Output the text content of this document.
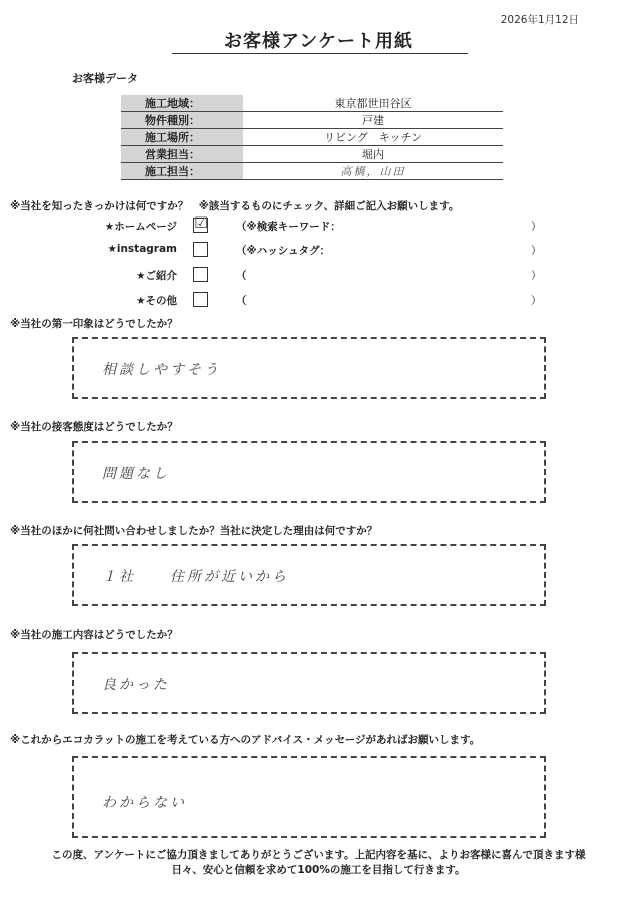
2026年1月12日
お客様アンケート用紙
お客様データ
施工地域：	東京都世田谷区
物件種別：	戸建
施工場所：	リビング　キッチン
営業担当：	堀内
施工担当：	高橋，山田
※当社を知ったきっかけは何ですか？　※該当するものにチェック、詳細ご記入お願いします。
★ホームページ ☑	（※検索キーワード：	）
★instagram	（※ハッシュタグ：	）
★ご紹介	（	）
★その他	（	）
※当社の第一印象はどうでしたか？
相談しやすそう
※当社の接客態度はどうでしたか？
問題なし
※当社のほかに何社問い合わせしましたか？当社に決定した理由は何ですか？
１社　　住所が近いから
※当社の施工内容はどうでしたか？
良かった
※これからエコカラットの施工を考えている方へのアドバイス・メッセージがあればお願いします。
わからない
この度、アンケートにご協力頂きましてありがとうございます。上記内容を基に、よりお客様に喜んで頂きます様
日々、安心と信頼を求めて100%の施工を目指して行きます。
